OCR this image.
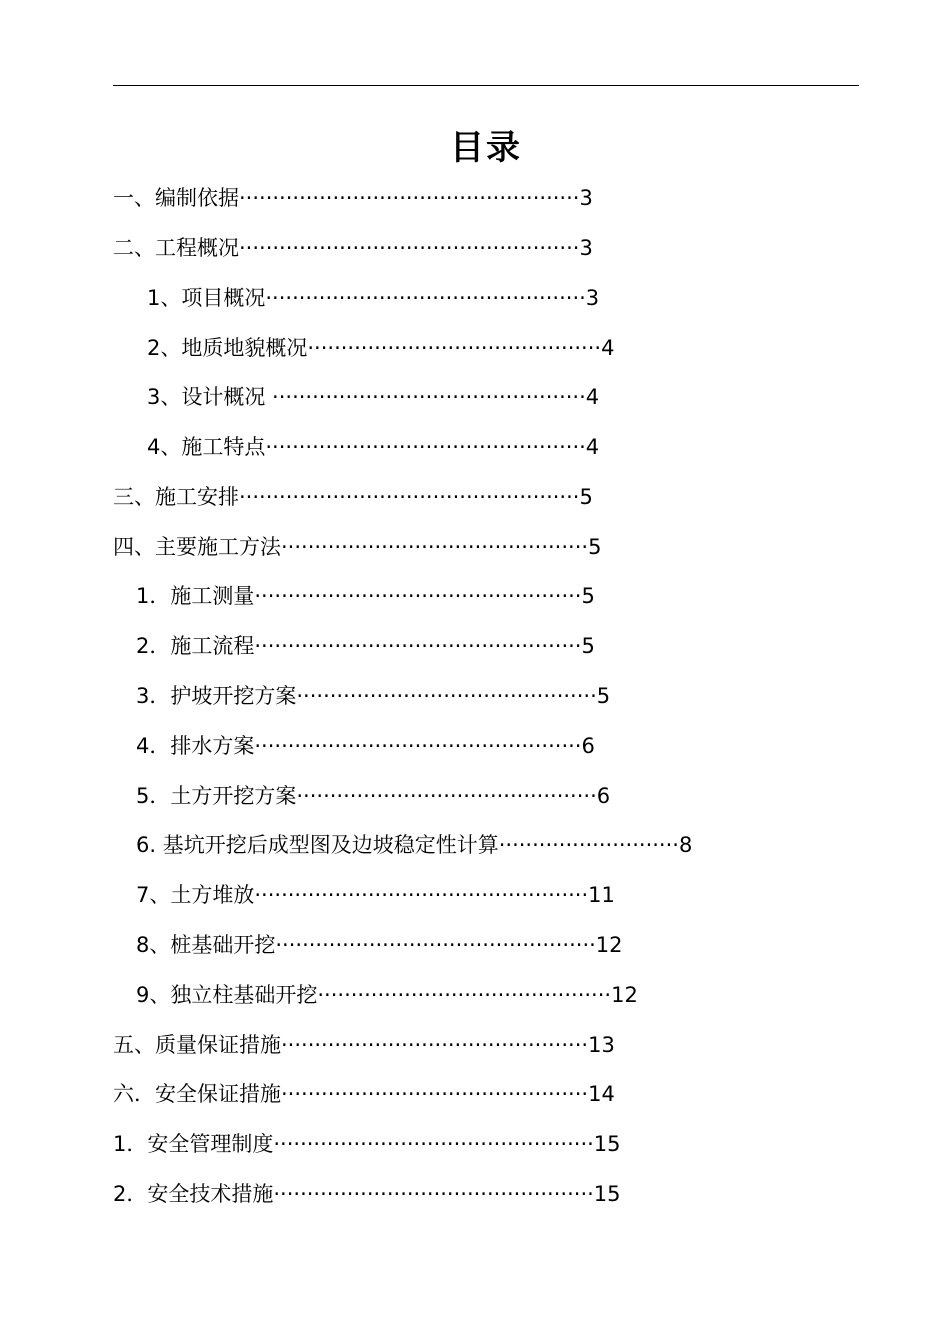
目录
一、编制依据···················································3
二、工程概况···················································3
1、项目概况················································3
2、地质地貌概况············································4
3、设计概况 ···············································4
4、施工特点················································4
三、施工安排···················································5
四、主要施工方法··············································5
1．施工测量·················································5
2．施工流程·················································5
3．护坡开挖方案·············································5
4．排水方案·················································6
5．土方开挖方案·············································6
6. 基坑开挖后成型图及边坡稳定性计算···························8
7、土方堆放··················································11
8、桩基础开挖················································12
9、独立柱基础开挖············································12
五、质量保证措施··············································13
六．安全保证措施··············································14
1．安全管理制度················································15
2．安全技术措施················································15
